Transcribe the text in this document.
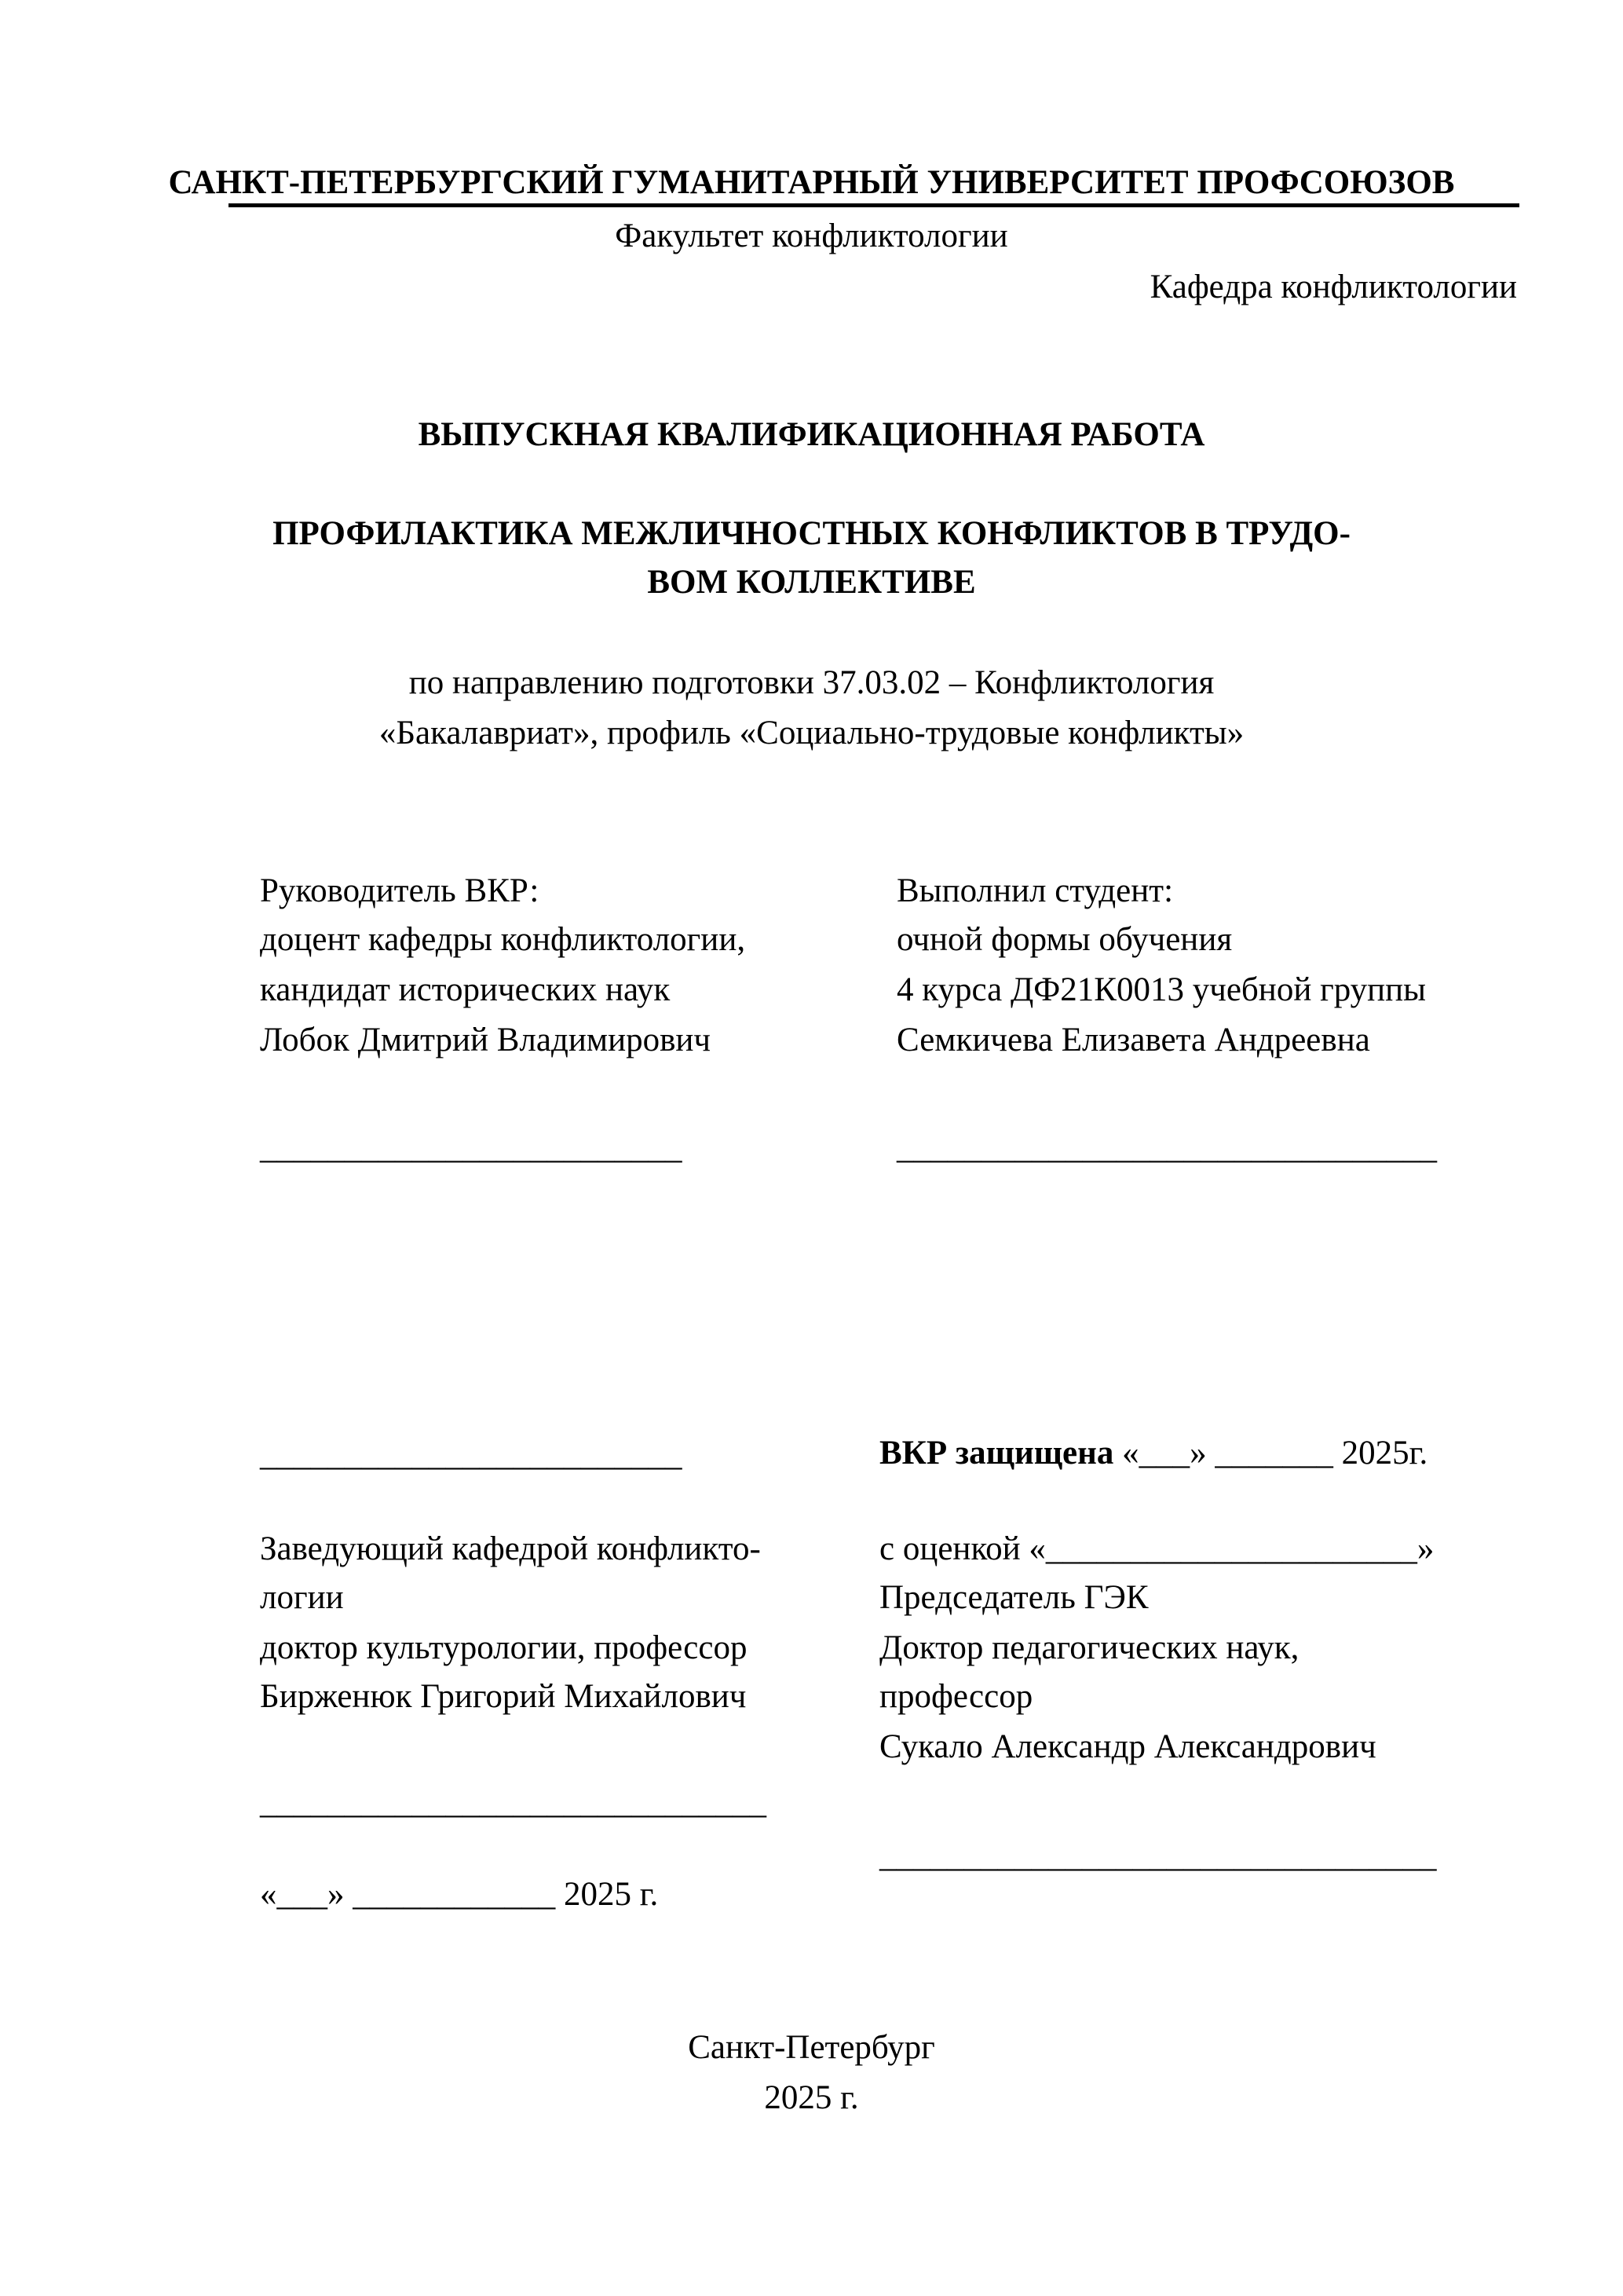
САНКТ-ПЕТЕРБУРГСКИЙ ГУМАНИТАРНЫЙ УНИВЕРСИТЕТ ПРОФСОЮЗОВ
Факультет конфликтологии
Кафедра конфликтологии
ВЫПУСКНАЯ КВАЛИФИКАЦИОННАЯ РАБОТА
ПРОФИЛАКТИКА МЕЖЛИЧНОСТНЫХ КОНФЛИКТОВ В ТРУДО-
ВОМ КОЛЛЕКТИВЕ
по направлению подготовки 37.03.02 – Конфликтология
«Бакалавриат», профиль «Социально-трудовые конфликты»
Руководитель ВКР:
доцент кафедры конфликтологии,
кандидат исторических наук
Лобок Дмитрий Владимирович
_________________________
Выполнил студент:
очной формы обучения
4 курса ДФ21К0013 учебной группы
Семкичева Елизавета Андреевна
________________________________
_________________________	ВКР защищена «___» _______ 2025г.
Заведующий кафедрой конфликто-
логии
доктор культурологии, профессор
Бирженюк Григорий Михайлович
______________________________
«___» ____________ 2025 г.
с оценкой «______________________»
Председатель ГЭК
Доктор педагогических наук,
профессор
Сукало Александр Александрович
_________________________________
Санкт-Петербург
2025 г.
